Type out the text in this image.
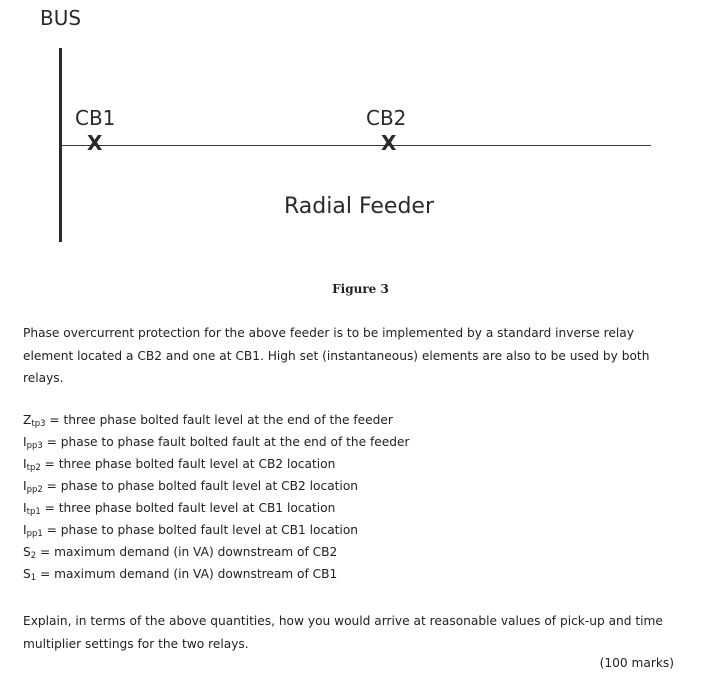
BUS
CB1
X
CB2
X
Radial Feeder
Figure 3
Phase overcurrent protection for the above feeder is to be implemented by a standard inverse relay element located a CB2 and one at CB1. High set (instantaneous) elements are also to be used by both relays.
$Z_{tp3}$ = three phase bolted fault level at the end of the feeder
$I_{pp3}$ = phase to phase fault bolted fault at the end of the feeder
$I_{tp2}$ = three phase bolted fault level at CB2 location
$I_{pp2}$ = phase to phase bolted fault level at CB2 location
$I_{tp1}$ = three phase bolted fault level at CB1 location
$I_{pp1}$ = phase to phase bolted fault level at CB1 location
$S_2$ = maximum demand (in VA) downstream of CB2
$S_1$ = maximum demand (in VA) downstream of CB1
Explain, in terms of the above quantities, how you would arrive at reasonable values of pick-up and time multiplier settings for the two relays.
(100 marks)
